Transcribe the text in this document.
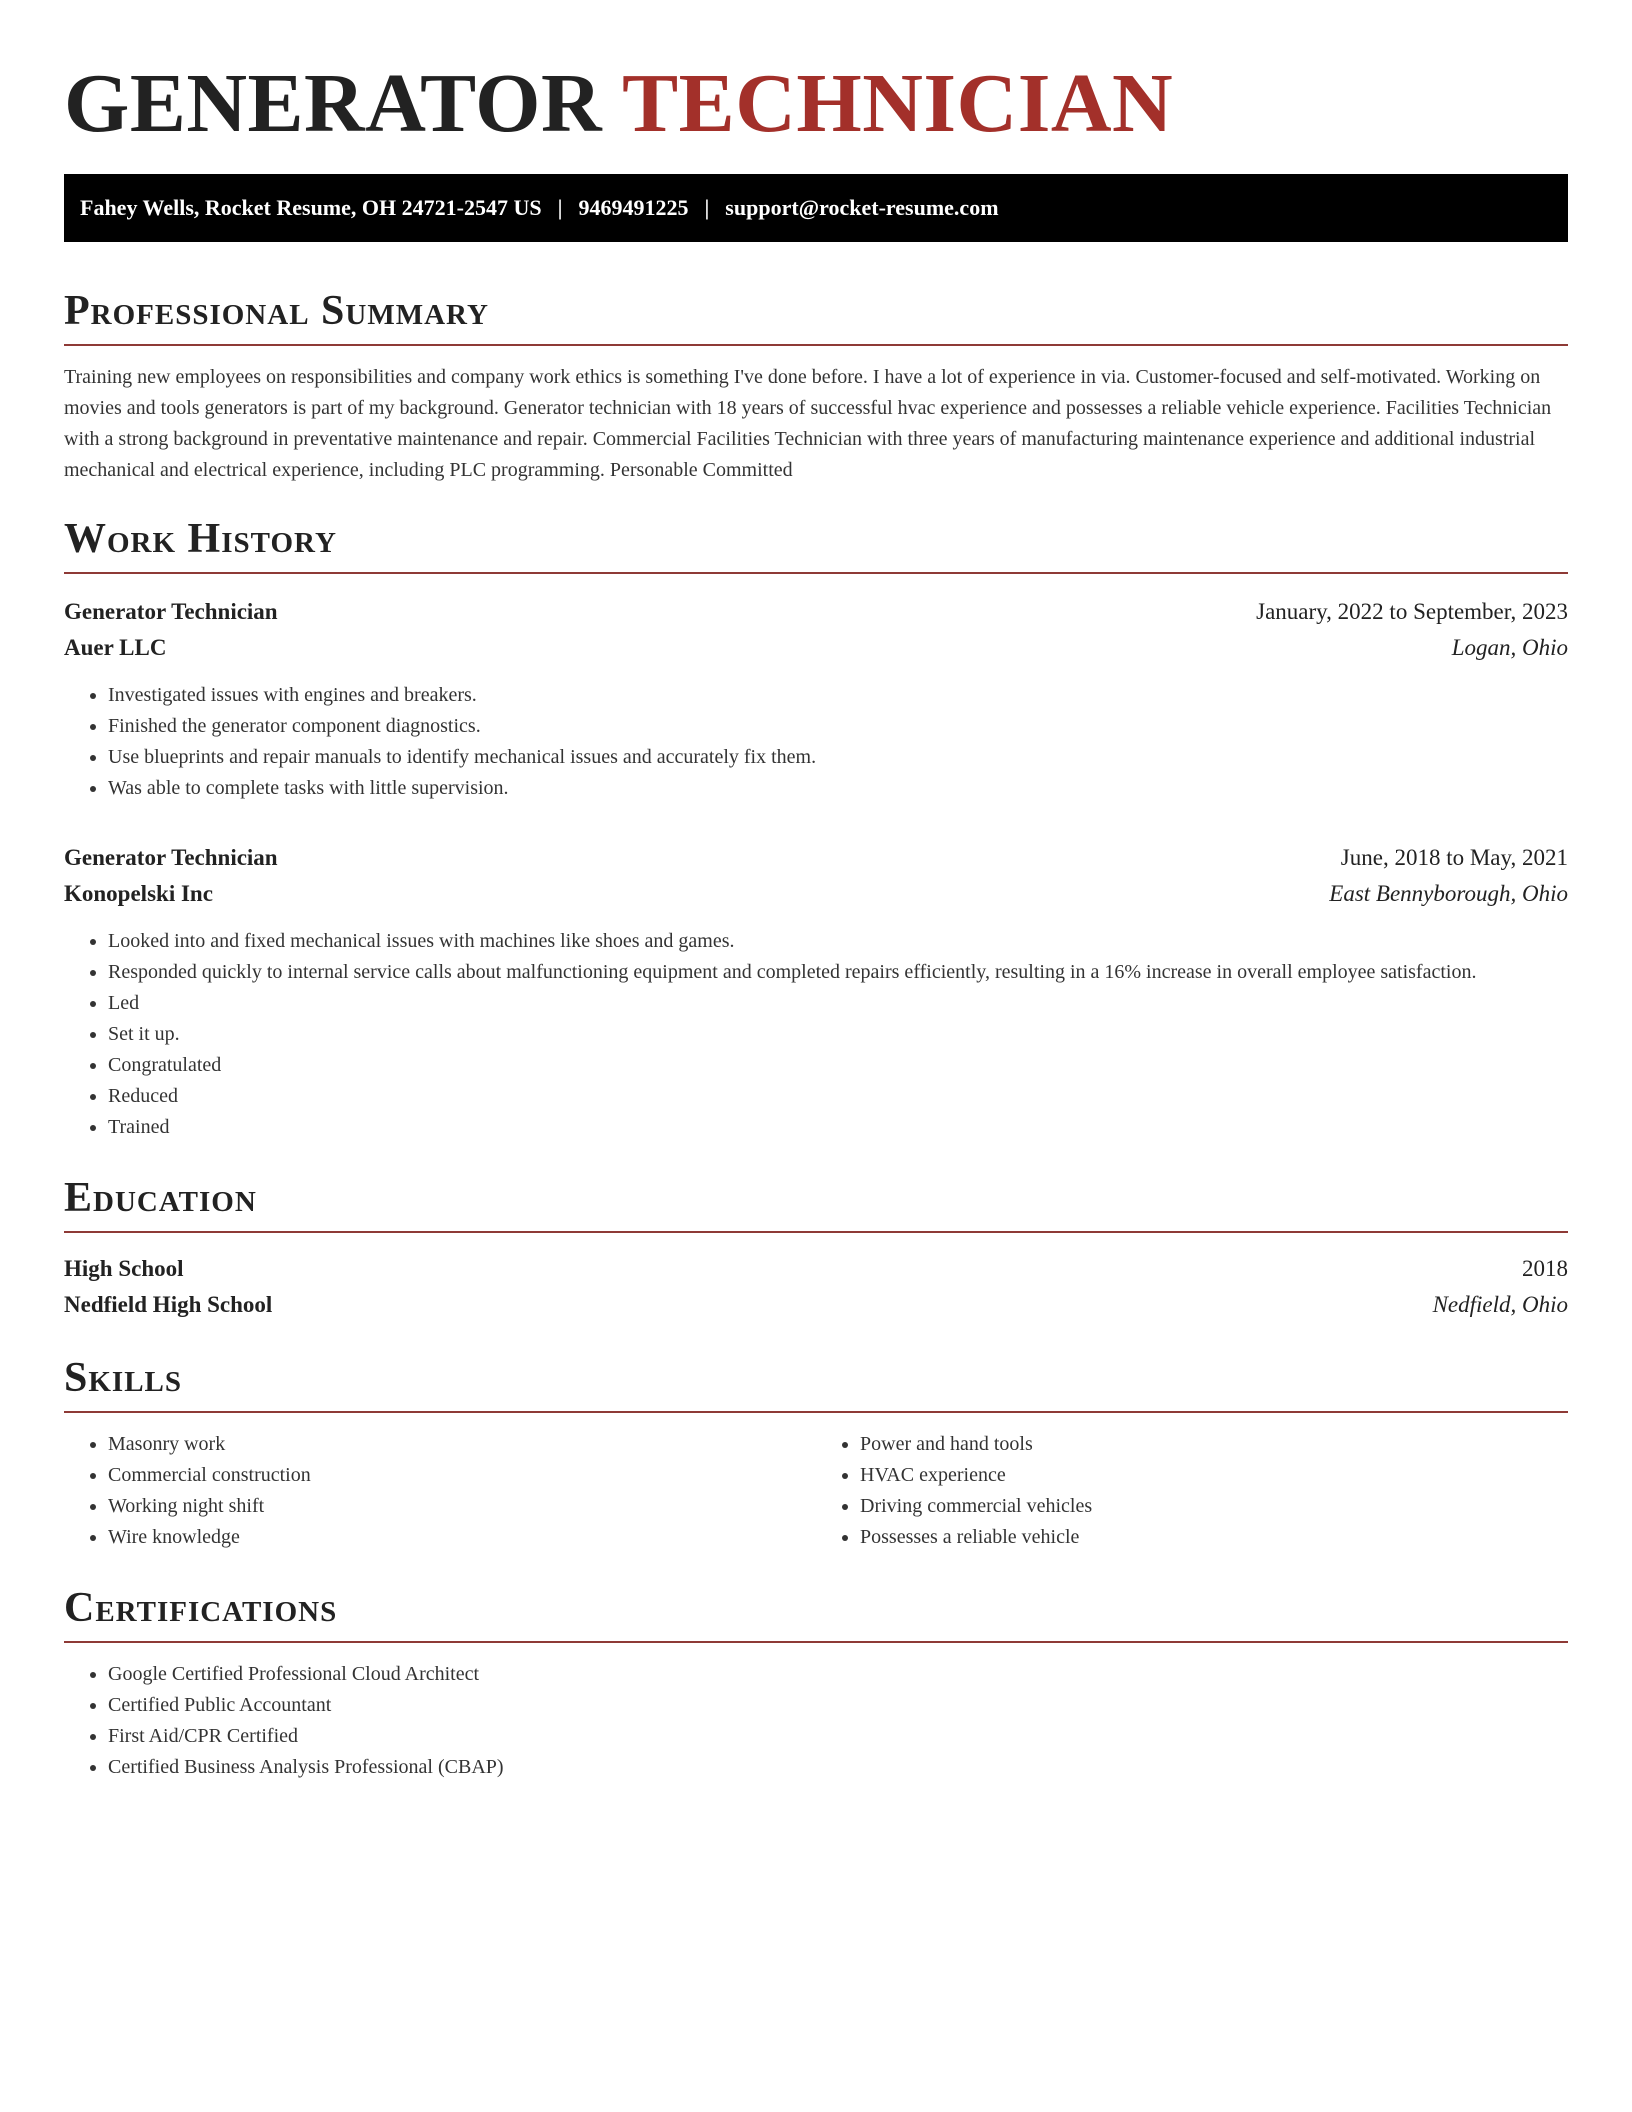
GENERATOR TECHNICIAN
Fahey Wells, Rocket Resume, OH 24721-2547 US | 9469491225 | support@rocket-resume.com
Professional Summary

Training new employees on responsibilities and company work ethics is something I've done before. I have a lot of experience in via. Customer-focused and self-motivated. Working on movies and tools generators is part of my background. Generator technician with 18 years of successful hvac experience and possesses a reliable vehicle experience. Facilities Technician with a strong background in preventative maintenance and repair. Commercial Facilities Technician with three years of manufacturing maintenance experience and additional industrial mechanical and electrical experience, including PLC programming. Personable Committed

Work History
Generator Technician	January, 2022 to September, 2023
Auer LLC	Logan, Ohio
• Investigated issues with engines and breakers.
• Finished the generator component diagnostics.
• Use blueprints and repair manuals to identify mechanical issues and accurately fix them.
• Was able to complete tasks with little supervision.
Generator Technician	June, 2018 to May, 2021
Konopelski Inc	East Bennyborough, Ohio
• Looked into and fixed mechanical issues with machines like shoes and games.
• Responded quickly to internal service calls about malfunctioning equipment and completed repairs efficiently, resulting in a 16% increase in overall employee satisfaction.
• Led
• Set it up.
• Congratulated
• Reduced
• Trained
Education
High School	2018
Nedfield High School	Nedfield, Ohio
Skills
• Masonry work
• Commercial construction
• Working night shift
• Wire knowledge
• Power and hand tools
• HVAC experience
• Driving commercial vehicles
• Possesses a reliable vehicle
Certifications
• Google Certified Professional Cloud Architect
• Certified Public Accountant
• First Aid/CPR Certified
• Certified Business Analysis Professional (CBAP)
